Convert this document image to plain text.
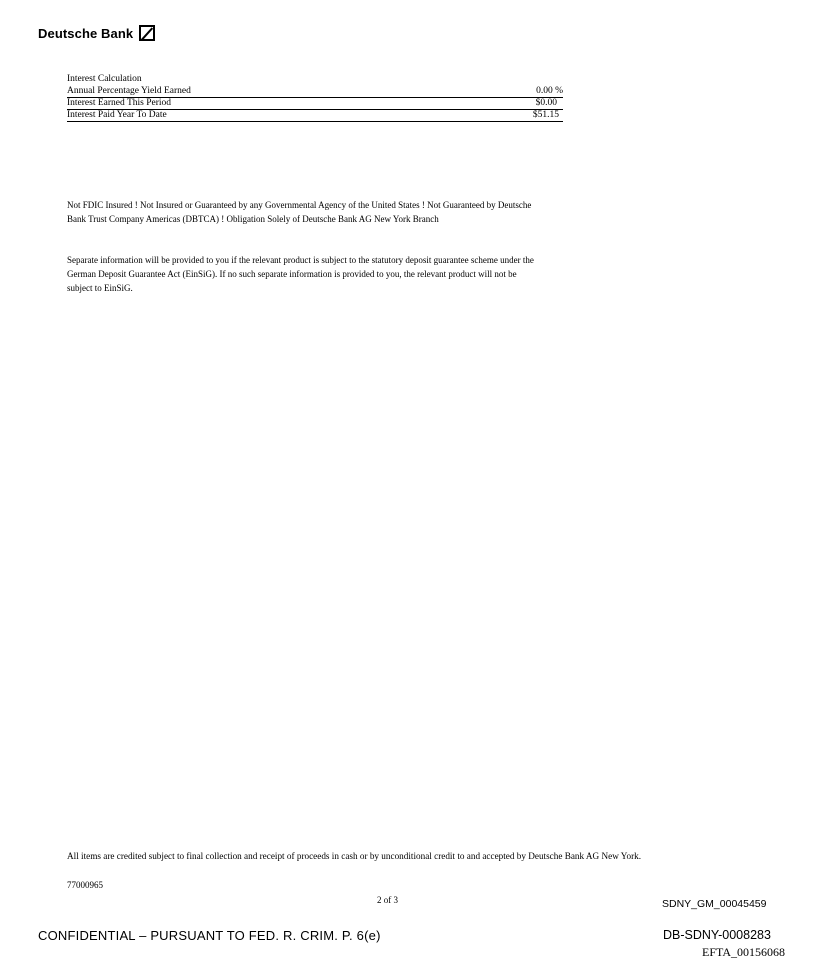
Deutsche Bank
Interest Calculation
Annual Percentage Yield Earned	0.00 %
Interest Earned This Period	$0.00
Interest Paid Year To Date	$51.15
Not FDIC Insured ! Not Insured or Guaranteed by any Governmental Agency of the United States ! Not Guaranteed by Deutsche Bank Trust Company Americas (DBTCA) ! Obligation Solely of Deutsche Bank AG New York Branch
Separate information will be provided to you if the relevant product is subject to the statutory deposit guarantee scheme under the German Deposit Guarantee Act (EinSiG). If no such separate information is provided to you, the relevant product will not be subject to EinSiG.
All items are credited subject to final collection and receipt of proceeds in cash or by unconditional credit to and accepted by Deutsche Bank AG New York.
77000965
2 of 3	SDNY_GM_00045459
CONFIDENTIAL – PURSUANT TO FED. R. CRIM. P. 6(e)	DB-SDNY-0008283
EFTA_00156068
